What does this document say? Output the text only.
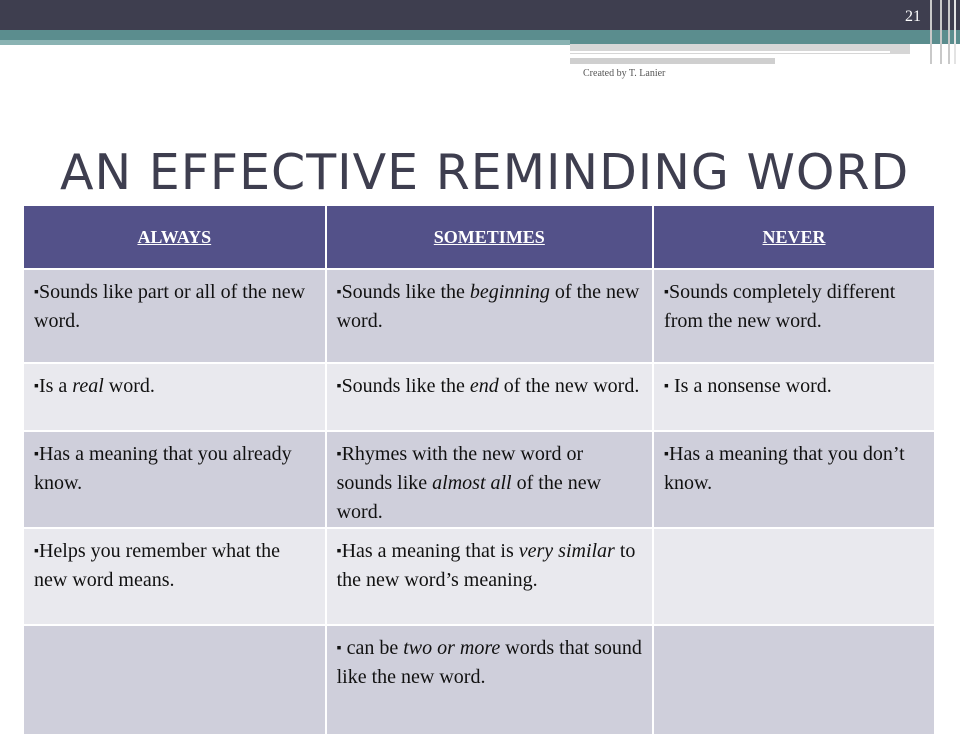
21
Created by T. Lanier
AN EFFECTIVE REMINDING WORD
ALWAYS	SOMETIMES	NEVER
▪Sounds like part or all of the new word.	▪Sounds like the beginning of the new word.	▪Sounds completely different from the new word.
▪Is a real word.	▪Sounds like the end of the new word.	▪ Is a nonsense word.
▪Has a meaning that you already know.	▪Rhymes with the new word or sounds like almost all of the new word.	▪Has a meaning that you don’t know.
▪Helps you remember what the new word means.	▪Has a meaning that is very similar to the new word’s meaning.	
	▪ can be two or more words that sound like the new word.	
